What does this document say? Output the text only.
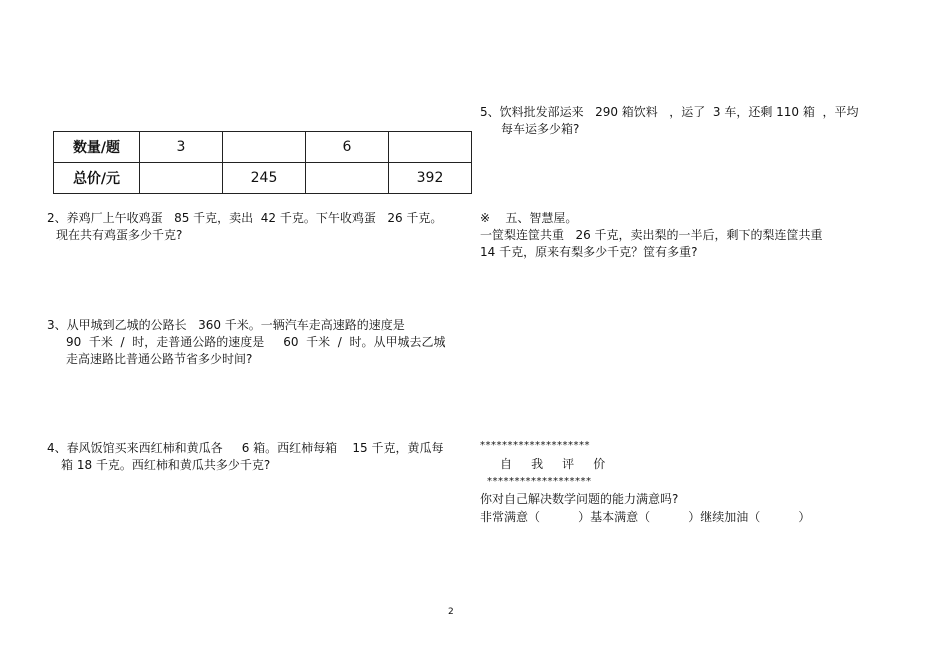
数量/题	3		6	
总价/元		245		392
2、养鸡厂上午收鸡蛋   85 千克，卖出  42 千克。下午收鸡蛋   26 千克。
现在共有鸡蛋多少千克?
3、从甲城到乙城的公路长   360 千米。一辆汽车走高速路的速度是
90  千米  /  时，走普通公路的速度是     60  千米  /  时。从甲城去乙城
走高速路比普通公路节省多少时间?
4、春风饭馆买来西红柿和黄瓜各     6 箱。西红柿每箱    15 千克，黄瓜每
箱 18 千克。西红柿和黄瓜共多少千克?
5、饮料批发部运来   290 箱饮料   ，运了  3 车，还剩 110 箱  ，平均
每车运多少箱?
※    五、智慧屋。
一筐梨连筐共重   26 千克，卖出梨的一半后，剩下的梨连筐共重
14 千克，原来有梨多少千克？筐有多重?
********************
自     我     评     价
*******************
你对自己解决数学问题的能力满意吗?
非常满意（          ）基本满意（          ）继续加油（          ）
2
